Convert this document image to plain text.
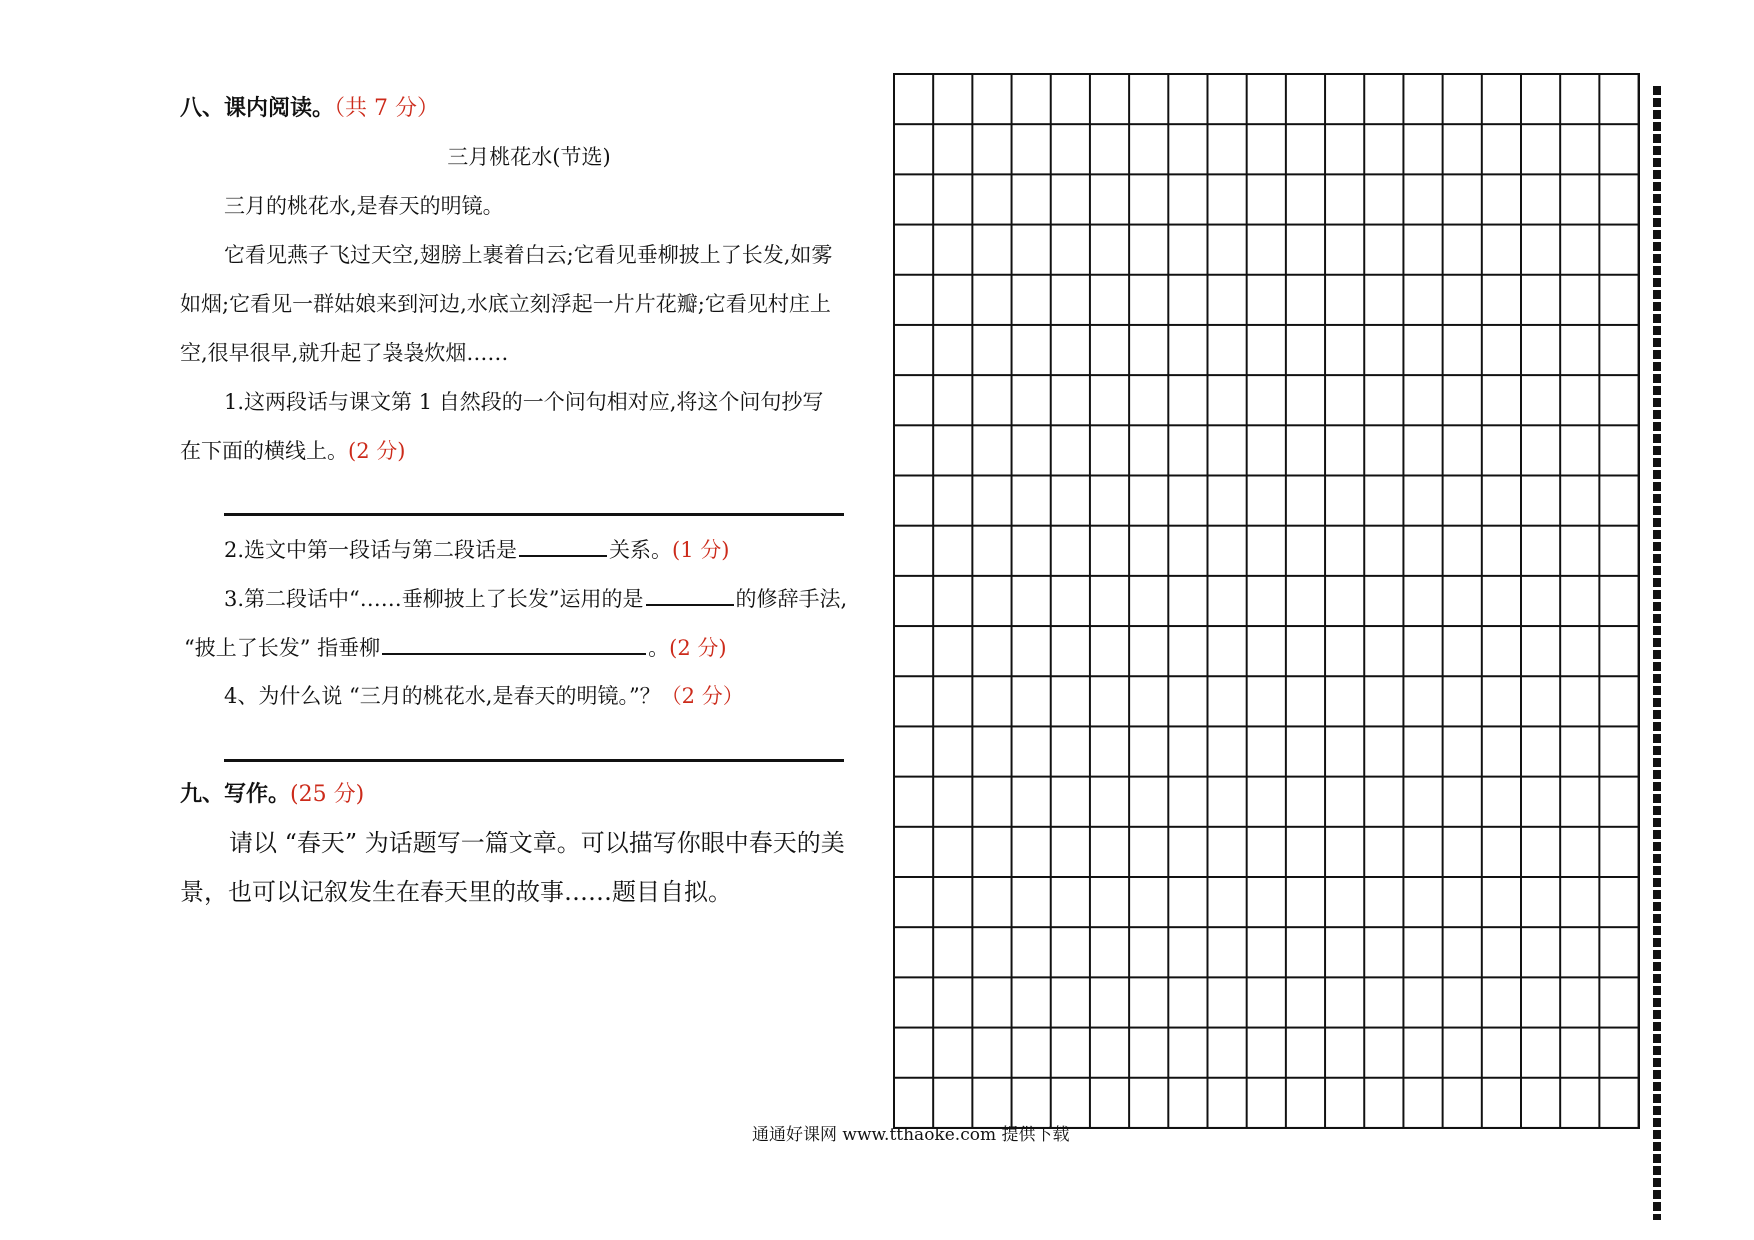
八、课内阅读。（共 7 分）
三月桃花水(节选)
三月的桃花水,是春天的明镜。
它看见燕子飞过天空,翅膀上裹着白云;它看见垂柳披上了长发,如雾
如烟;它看见一群姑娘来到河边,水底立刻浮起一片片花瓣;它看见村庄上
空,很早很早,就升起了袅袅炊烟……
1.这两段话与课文第 1 自然段的一个问句相对应,将这个问句抄写
在下面的横线上。(2 分)
2.选文中第一段话与第二段话是	关系。(1 分)
3.第二段话中“……垂柳披上了长发”运用的是	的修辞手法,
“披上了长发” 指垂柳	。(2 分)
4、为什么说 “三月的桃花水,是春天的明镜。”？（2 分）
九、写作。(25 分)
请以 “春天” 为话题写一篇文章。可以描写你眼中春天的美
景，也可以记叙发生在春天里的故事……题目自拟。
通通好课网 www.tthaoke.com 提供下载
